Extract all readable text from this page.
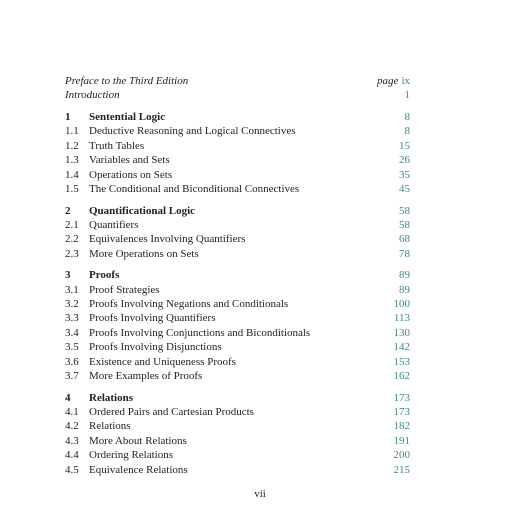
Preface to the Third Edition	page ix
Introduction	1
1	Sentential Logic	8
1.1 Deductive Reasoning and Logical Connectives	8
1.2 Truth Tables	15
1.3 Variables and Sets	26
1.4 Operations on Sets	35
1.5 The Conditional and Biconditional Connectives	45
2	Quantificational Logic	58
2.1 Quantifiers	58
2.2 Equivalences Involving Quantifiers	68
2.3 More Operations on Sets	78
3	Proofs	89
3.1 Proof Strategies	89
3.2 Proofs Involving Negations and Conditionals	100
3.3 Proofs Involving Quantifiers	113
3.4 Proofs Involving Conjunctions and Biconditionals	130
3.5 Proofs Involving Disjunctions	142
3.6 Existence and Uniqueness Proofs	153
3.7 More Examples of Proofs	162
4	Relations	173
4.1 Ordered Pairs and Cartesian Products	173
4.2 Relations	182
4.3 More About Relations	191
4.4 Ordering Relations	200
4.5 Equivalence Relations	215
vii
